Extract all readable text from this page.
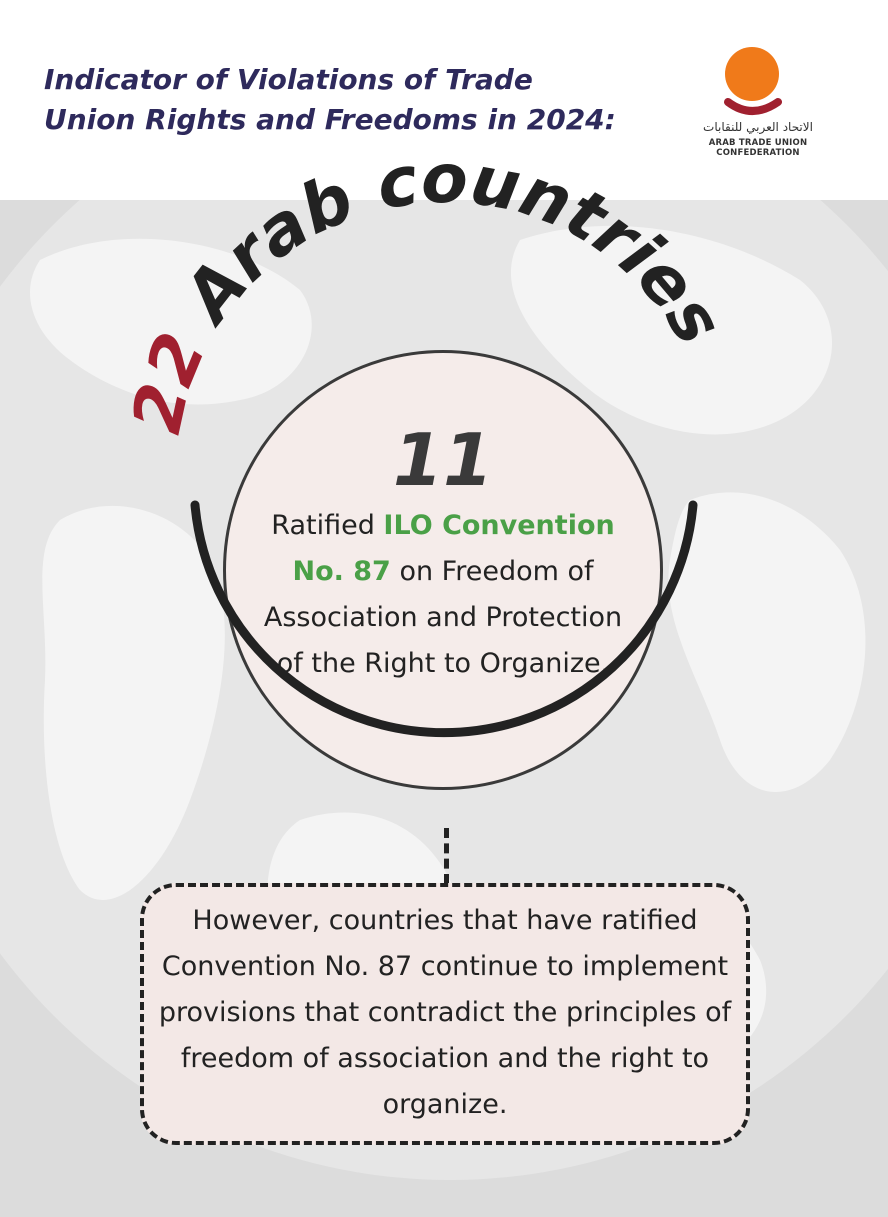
Indicator of Violations of Trade
Union Rights and Freedoms in 2024:	الاتحاد العربي للنقابات
ARAB TRADE UNION CONFEDERATION
22 Arab countries
11
Ratified ILO Convention No. 87 on Freedom of Association and Protection of the Right to Organize.
However, countries that have ratified Convention No. 87 continue to implement provisions that contradict the principles of freedom of association and the right to organize.
